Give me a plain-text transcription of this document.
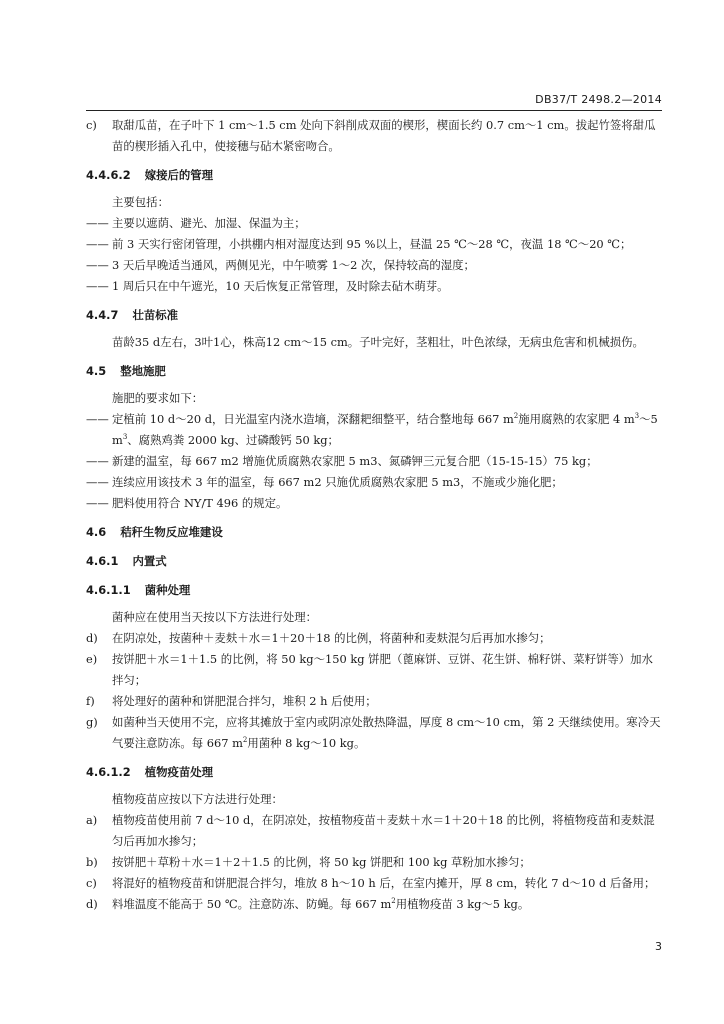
DB37/T 2498.2—2014
c)	取甜瓜苗，在子叶下 1 cm～1.5 cm 处向下斜削成双面的楔形，楔面长约 0.7 cm～1 cm。拔起竹签将甜瓜苗的楔形插入孔中，使接穗与砧木紧密吻合。
4.4.6.2 嫁接后的管理

主要包括：

—— 主要以遮荫、避光、加湿、保温为主；

—— 前 3 天实行密闭管理，小拱棚内相对湿度达到 95 %以上，昼温 25 ℃～28 ℃，夜温 18 ℃～20 ℃；

—— 3 天后早晚适当通风，两侧见光，中午喷雾 1～2 次，保持较高的湿度；

—— 1 周后只在中午遮光，10 天后恢复正常管理，及时除去砧木萌芽。

4.4.7 壮苗标准

苗龄35 d左右，3叶1心，株高12 cm～15 cm。子叶完好，茎粗壮，叶色浓绿，无病虫危害和机械损伤。

4.5 整地施肥

施肥的要求如下：

—— 定植前 10 d～20 d，日光温室内浇水造墒，深翻耙细整平，结合整地每 667 $m^2$施用腐熟的农家肥 4 $m^3\sim 5$ $m^3$、腐熟鸡粪 2000 kg、过磷酸钙 50 kg；

—— 新建的温室，每 667 m2 增施优质腐熟农家肥 5 m3、氮磷钾三元复合肥（15-15-15）75 kg；

—— 连续应用该技术 3 年的温室，每 667 m2 只施优质腐熟农家肥 5 m3，不施或少施化肥；

—— 肥料使用符合 NY/T 496 的规定。

4.6 秸秆生物反应堆建设
4.6.1 内置式
4.6.1.1 菌种处理

菌种应在使用当天按以下方法进行处理：

d)	在阴凉处，按菌种＋麦麸＋水＝1＋20＋18 的比例，将菌种和麦麸混匀后再加水掺匀；
e)	按饼肥＋水＝1＋1.5 的比例，将 50 kg～150 kg 饼肥（蓖麻饼、豆饼、花生饼、棉籽饼、菜籽饼等）加水拌匀；
f)	将处理好的菌种和饼肥混合拌匀，堆积 2 h 后使用；
g)	如菌种当天使用不完，应将其摊放于室内或阴凉处散热降温，厚度 8 cm～10 cm，第 2 天继续使用。寒冷天气要注意防冻。每 667 $m^2$用菌种 8 kg～10 kg。
4.6.1.2 植物疫苗处理

植物疫苗应按以下方法进行处理：

a)	植物疫苗使用前 7 d～10 d，在阴凉处，按植物疫苗＋麦麸＋水＝1＋20＋18 的比例，将植物疫苗和麦麸混匀后再加水掺匀；
b)	按饼肥＋草粉＋水＝1＋2＋1.5 的比例，将 50 kg 饼肥和 100 kg 草粉加水掺匀；
c)	将混好的植物疫苗和饼肥混合拌匀，堆放 8 h～10 h 后，在室内摊开，厚 8 cm，转化 7 d～10 d 后备用；
d)	料堆温度不能高于 50 ℃。注意防冻、防蝇。每 667 $m^2$用植物疫苗 3 kg～5 kg。
3
